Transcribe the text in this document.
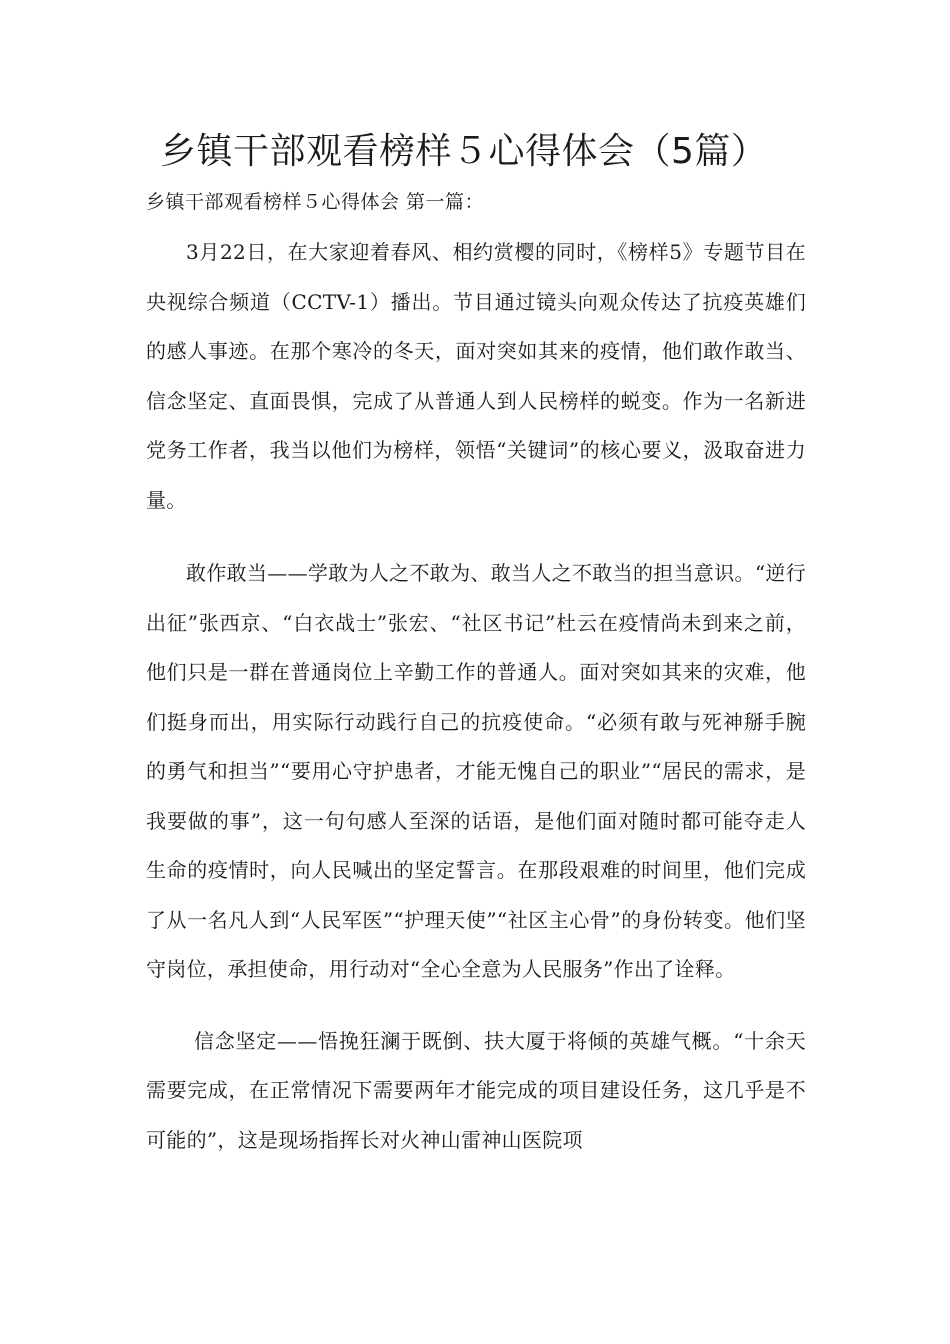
乡镇干部观看榜样５心得体会（5篇）
乡镇干部观看榜样５心得体会 第一篇：

3月22日，在大家迎着春风、相约赏樱的同时，《榜样5》专题节目在央视综合频道（CCTV-1）播出。节目通过镜头向观众传达了抗疫英雄们的感人事迹。在那个寒冷的冬天，面对突如其来的疫情，他们敢作敢当、信念坚定、直面畏惧，完成了从普通人到人民榜样的蜕变。作为一名新进党务工作者，我当以他们为榜样，领悟“关键词”的核心要义，汲取奋进力量。

敢作敢当——学敢为人之不敢为、敢当人之不敢当的担当意识。“逆行出征”张西京、“白衣战士”张宏、“社区书记”杜云在疫情尚未到来之前，他们只是一群在普通岗位上辛勤工作的普通人。面对突如其来的灾难，他们挺身而出，用实际行动践行自己的抗疫使命。“必须有敢与死神掰手腕的勇气和担当”“要用心守护患者，才能无愧自己的职业”“居民的需求，是我要做的事”，这一句句感人至深的话语，是他们面对随时都可能夺走人生命的疫情时，向人民喊出的坚定誓言。在那段艰难的时间里，他们完成了从一名凡人到“人民军医”“护理天使”“社区主心骨”的身份转变。他们坚守岗位，承担使命，用行动对“全心全意为人民服务”作出了诠释。

信念坚定——悟挽狂澜于既倒、扶大厦于将倾的英雄气概。“十余天需要完成，在正常情况下需要两年才能完成的项目建设任务，这几乎是不可能的”，这是现场指挥长对火神山雷神山医院项
